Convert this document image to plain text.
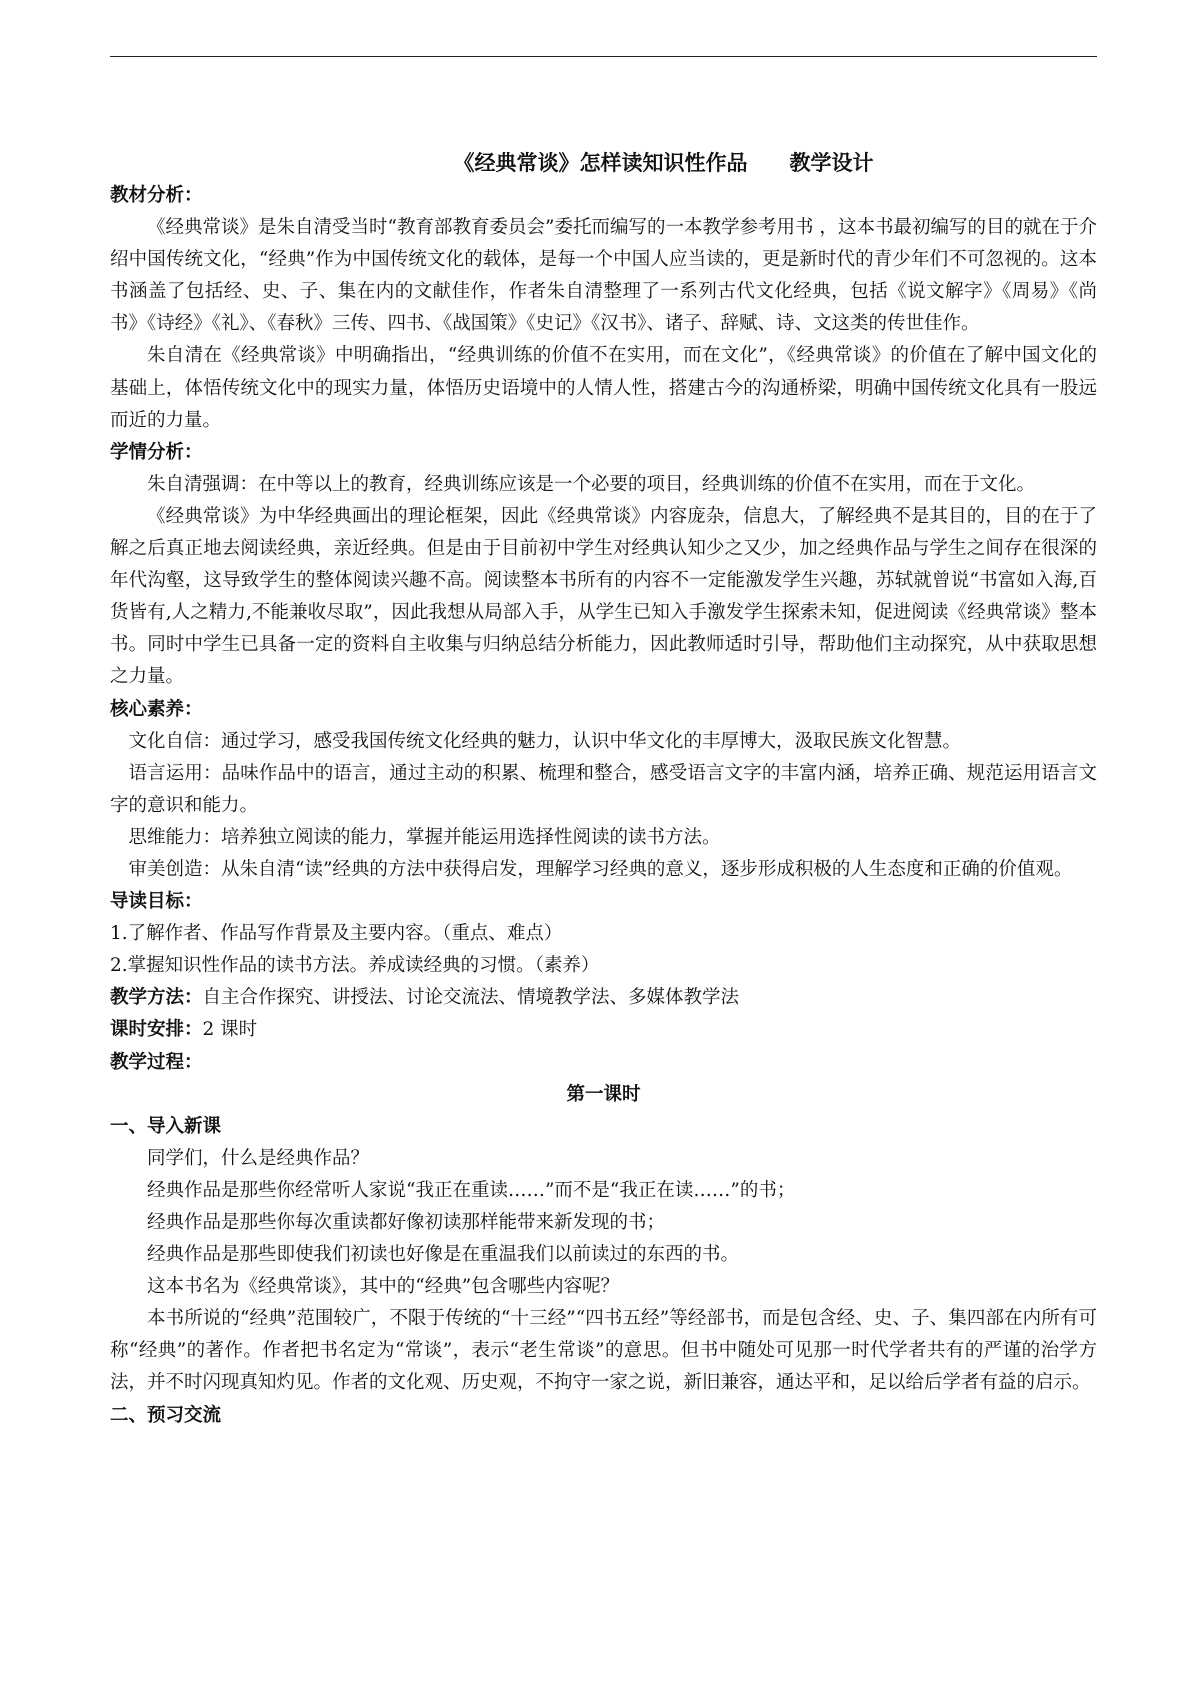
《经典常谈》怎样读知识性作品　　教学设计

教材分析：

《经典常谈》是朱自清受当时“教育部教育委员会”委托而编写的一本教学参考用书 ，这本书最初编写的目的就在于介绍中国传统文化，“经典”作为中国传统文化的载体，是每一个中国人应当读的，更是新时代的青少年们不可忽视的。这本书涵盖了包括经、史、子、集在内的文献佳作，作者朱自清整理了一系列古代文化经典，包括《说文解字》《周易》《尚书》《诗经》《礼》、《春秋》三传、四书、《战国策》《史记》《汉书》、诸子、辞赋、诗、文这类的传世佳作。

朱自清在《经典常谈》中明确指出，“经典训练的价值不在实用，而在文化”，《经典常谈》的价值在了解中国文化的基础上，体悟传统文化中的现实力量，体悟历史语境中的人情人性，搭建古今的沟通桥梁，明确中国传统文化具有一股远而近的力量。

学情分析：

朱自清强调：在中等以上的教育，经典训练应该是一个必要的项目，经典训练的价值不在实用，而在于文化。

《经典常谈》为中华经典画出的理论框架，因此《经典常谈》内容庞杂，信息大，了解经典不是其目的，目的在于了解之后真正地去阅读经典，亲近经典。但是由于目前初中学生对经典认知少之又少，加之经典作品与学生之间存在很深的年代沟壑，这导致学生的整体阅读兴趣不高。阅读整本书所有的内容不一定能激发学生兴趣，苏轼就曾说“书富如入海,百货皆有,人之精力,不能兼收尽取”，因此我想从局部入手，从学生已知入手激发学生探索未知，促进阅读《经典常谈》整本书。同时中学生已具备一定的资料自主收集与归纳总结分析能力，因此教师适时引导，帮助他们主动探究，从中获取思想之力量。

核心素养：

文化自信：通过学习，感受我国传统文化经典的魅力，认识中华文化的丰厚博大，汲取民族文化智慧。

语言运用：品味作品中的语言，通过主动的积累、梳理和整合，感受语言文字的丰富内涵，培养正确、规范运用语言文字的意识和能力。

思维能力：培养独立阅读的能力，掌握并能运用选择性阅读的读书方法。

审美创造：从朱自清“读”经典的方法中获得启发，理解学习经典的意义，逐步形成积极的人生态度和正确的价值观。

导读目标：

1.了解作者、作品写作背景及主要内容。（重点、难点）

2.掌握知识性作品的读书方法。养成读经典的习惯。（素养）

教学方法：自主合作探究、讲授法、讨论交流法、情境教学法、多媒体教学法

课时安排：2 课时

教学过程：

第一课时

一、导入新课

同学们，什么是经典作品？

经典作品是那些你经常听人家说“我正在重读……”而不是“我正在读……”的书；

经典作品是那些你每次重读都好像初读那样能带来新发现的书；

经典作品是那些即使我们初读也好像是在重温我们以前读过的东西的书。

这本书名为《经典常谈》，其中的“经典”包含哪些内容呢？

本书所说的“经典”范围较广，不限于传统的“十三经”“四书五经”等经部书，而是包含经、史、子、集四部在内所有可称“经典”的著作。作者把书名定为“常谈”，表示“老生常谈”的意思。但书中随处可见那一时代学者共有的严谨的治学方法，并不时闪现真知灼见。作者的文化观、历史观，不拘守一家之说，新旧兼容，通达平和，足以给后学者有益的启示。

二、预习交流
